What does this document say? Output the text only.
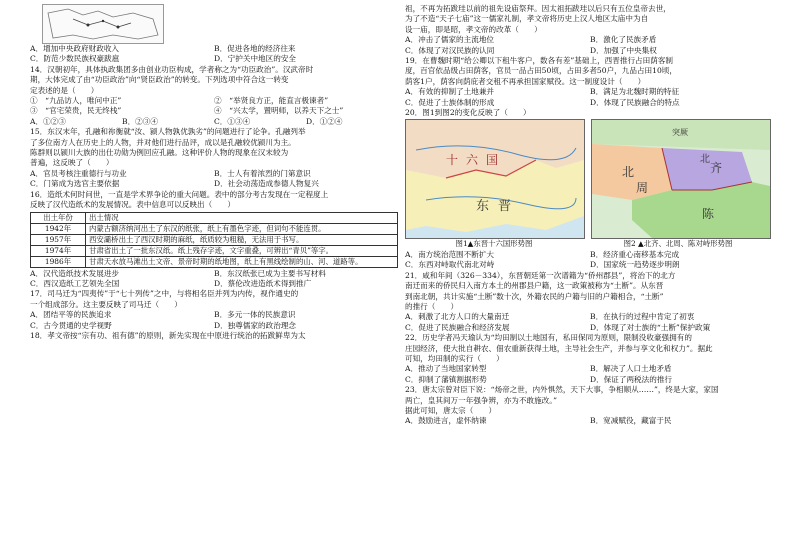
A．增加中央政府财政收入	B．促进各地的经济往来
C．防范少数民族权豪跋扈	D．宁护关中地区的安全
14．汉朝初年，具体执政集团多由创业功臣构成，学者称之为“功臣政治”。汉武帝时
期，大体完成了由“功臣政治”向“贤臣政治”的转变。下列选项中符合这一转变
定表述的是（　　）
①　“九品访人，唯问中正”	②　“举贤良方正，能直言极谏者”
③　“官宅荣贵，民无终栈”	④　“兴太学，置明师，以养天下之士”
A．①②③	B．②③④	C．①③④	D．①②④
15．东汉末年，孔融和祢衡就“汝、颍人物孰优孰劣”的问题进行了论争。孔融列举
了多位南方人在历史上的人物，并对他们进行品评，成以是孔融较优颍川为主。
陈群则以颍川大族的出仕功勋为例回应孔融。这种评价人物的现象在汉末较为
普遍，这反映了（　　）
A．官员考核注重德行与功业	B．士人有着浓烈的门第意识
C．门第成为选官主要依据	D．社会动荡造成参德人物复兴
16．造纸术何时问世，一直是学术界争论的重大问题。表中的部分考古发现在一定程度上
反映了汉代造纸术的发展情况。表中信息可以反映出（　　）
出土年份	出土情况
1942年	内蒙古额济纳河出土了东汉的纸张，纸上有墨色字迹，但词句不能连贯。
1957年	西安灞桥出土了西汉时期的麻纸，纸质较为粗糙，无法用于书写。
1974年	甘肃省出土了一批东汉纸。纸上残存字迹，文字重叠，可辨出“青贝”等字。
1986年	甘肃天水放马滩出土文帝、景帝时期的纸地图，纸上有黑线绘制的山、河、道路等。
A．汉代造纸技术发展进步	B．东汉纸张已成为主要书写材料
C．西汉造纸工艺领先全国	D．蔡伦改进造纸术得到推广
17．司马迁为“四夷传”于“七十列传”之中，与将相名臣并列为内传，视作通史的
一个组成部分。这主要反映了司马迁（　　）
A．团结平等的民族追求	B．多元一体的民族意识
C．古今贯通的史学视野	D．独尊儒家的政治理念
18．孝文帝按“宗有功、祖有德”的原则，新先实现在中原进行统治的拓跋鲜卑为太
祖，不再为拓跋珪以前的祖先设庙祭拜。因太祖拓跋珪以后只有五位皇帝去世，
为了不造“天子七庙”这一儒家礼制，孝文帝将历史上汉人地区太庙中为自
设一庙，即是昭，孝文帝的改革（　　）
A．冲击了儒家的主流地位	B．激化了民族矛盾
C．体现了对汉民族的认同	D．加强了中央集权
19．在曹魏时期“给公卿以下租牛客户，数各有差”基础上，西晋推行占田荫客制
度，百官依品级占田荫客，官员一品占田50顷，占田多者50户，九品占田10顷，
荫客1户，荫客向荫庇者交租不再承担国家赋役。这一制度设计（　　）
A．有效的抑制了土地兼并	B．满足为北魏时期的特征
C．促进了士族体制的形成	D．体现了民族融合的特点
20．图1到图2的变化反映了（　　）
十 六 国
东 晋
北	齐
周
陈
北
突厥
图1▲东晋十六国形势图	图2 ▲北齐、北周、陈对峙形势图
A．南方统治范围不断扩大	B．经济重心南移基本完成
C．东西对峙取代南北对峙	D．国家统一趋势逐步明朗
21．咸和年间（326－334），东晋朝廷第一次谱籍为“侨州郡县”，将治下的北方
南迁而来的侨民归入南方本土的州郡县户籍，这一政策被称为“土断”。从东晋
到南北朝，共计实施“土断”数十次，外籍农民的户籍与旧的户籍相合，“土断”
的推行（　　）
A．刺激了北方人口的大量南迁	B．在执行的过程中肯定了初衷
C．促进了民族融合和经济发展	D．体现了对士族的“土断”保护政策
22．历史学者冯天瑜认为“均田制以土地国有，私田保同为原则，限制没收豪强拥有的
庄园经济，使大批自耕农、佃农重新获得土地，主导社会生产，并参与享文化和权力”。据此
可知，均田制的实行（　　）
A．推动了当地国家转型	B．解决了人口土地矛盾
C．抑制了藩镇割据形势	D．保证了两税法的推行
23．唐太宗曾对臣下说：“炀帝之世，内外惧然，天下大事，争相顺从……”，终是大家，家国
两亡，皇其间万一年强争辨，亦为不敢施改。”
据此可知，唐太宗（　　）
A．鼓励进言，虚怀纳谏	B．宽减赋役，藏富于民
